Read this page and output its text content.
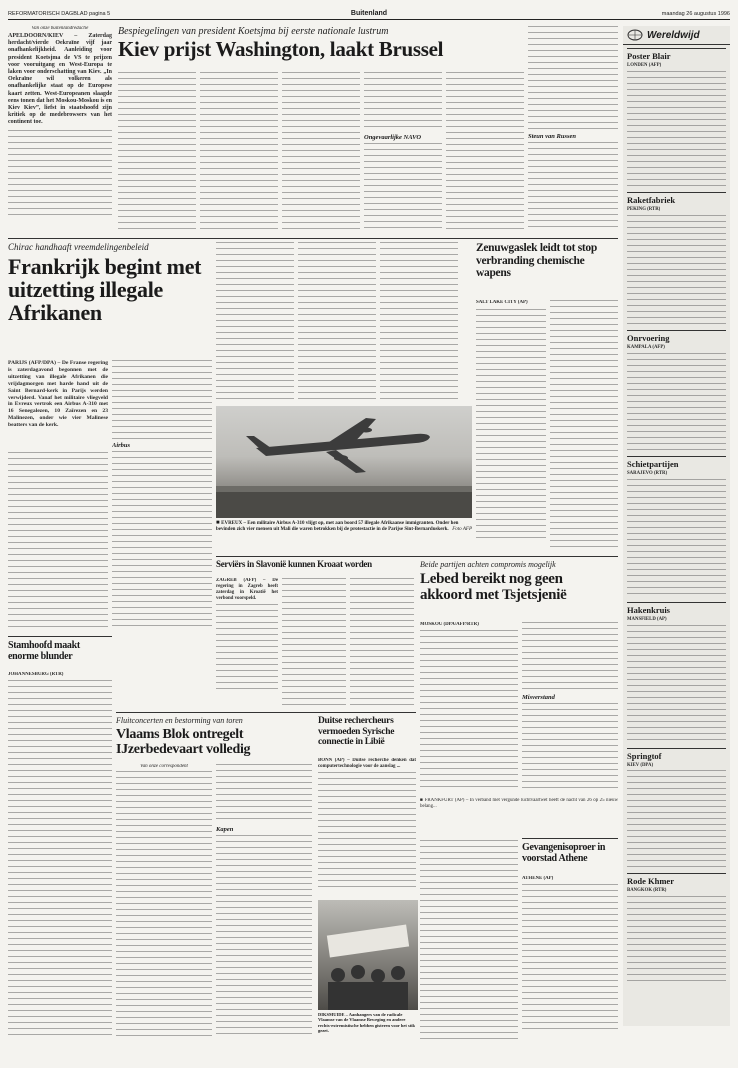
REFORMATORISCH DAGBLAD pagina 5	Buitenland	maandag 26 augustus 1996
Van onze buitenlandredactie
APELDOORN/KIEV – Zaterdag herdacht/vierde Oekraïne vijf jaar onafhankelijkheid. Aanleiding voor president Koetsjma de VS te prijzen voor vooruitgang en West-Europa te laken voor onderschatting van Kiev. „In Oekraïne wil volkeren als onafhankelijke staat op de Europese kaart zetten. West-Europeanen slaagde eens tonen dat het Moskou-Moskou is en Kiev Kiev”, liefst in staatshoofd zijn kritiek op de medebrowsers van het continent toe.
Bespiegelingen van president Koetsjma bij eerste nationale lustrum
Kiev prijst Washington, laakt Brussel
Ongevaarlijke NAVO	Steun van Russen
Chirac handhaaft vreemdelingenbeleid
Frankrijk begint met uitzetting illegale Afrikanen
PARIJS (AFP/DPA) – De Franse regering is zaterdagavond begonnen met de uitzetting van illegale Afrikanen die vrijdagmorgen met harde hand uit de Saint Bernard-kerk in Parijs werden verwijderd. Vanaf het militaire vliegveld in Evreux vertrok een Airbus A-310 met 16 Senegalezen, 10 Zaïrezen en 23 Malinezen, onder wie vier Malinese beatters van de kerk.
Airbus
■ EVREUX – Een militaire Airbus A-310 vlijgt op, met aan boord 57 illegale Afrikaanse immigranten. Onder hen bevinden zich vier mensen uit Mali die waren betrokken bij de protestactie in de Parijse Sint-Bernarduskerk. Foto AFP
Zenuwgaslek leidt tot stop verbranding chemische wapens
SALT LAKE CITY (AP)
Serviërs in Slavonië kunnen Kroaat worden
ZAGREB (AFP) – De regering in Zagreb heeft zaterdag in Kroatië het verbond voorspeld.
Beide partijen achten compromis mogelijk
Lebed bereikt nog geen akkoord met Tsjetsjenië
MOSKOU (DPA/AFP/RTR)
Misverstand
Stamhoofd maakt enorme blunder
JOHANNESBURG (RTR)
Fluitconcerten en bestorming van toren
Vlaams Blok ontregelt IJzerbedevaart volledig
Van onze correspondent
Kapen
Duitse rechercheurs vermoeden Syrische connectie in Libië
BONN (AP) – Duitse recherche denken dat computertechnologie voor de aanslag ...
DIKSMUIDE – Aanhangers van de radicale Vlaamse van de Vlaamse Beweging en andere rechts-extremistische hebben gisteren voor het stik gezet.
■ FRANKFURT (AP) – In verband met vergunde luchtvaartwet heeft de nacht van 26 op 25 nieuw belang...
Gevangenisoproer in voorstad Athene
ATHENE (AP)
Wereldwijd
Poster Blair
LONDEN (AFP)
Raketfabriek
PEKING (RTR)
Onrvoering
KAMPALA (AFP)
Schietpartijen
SARAJEVO (RTR)
Hakenkruis
MANSFIELD (AP)
Springtof
KIEV (DPA)
Rode Khmer
BANGKOK (RTR)
